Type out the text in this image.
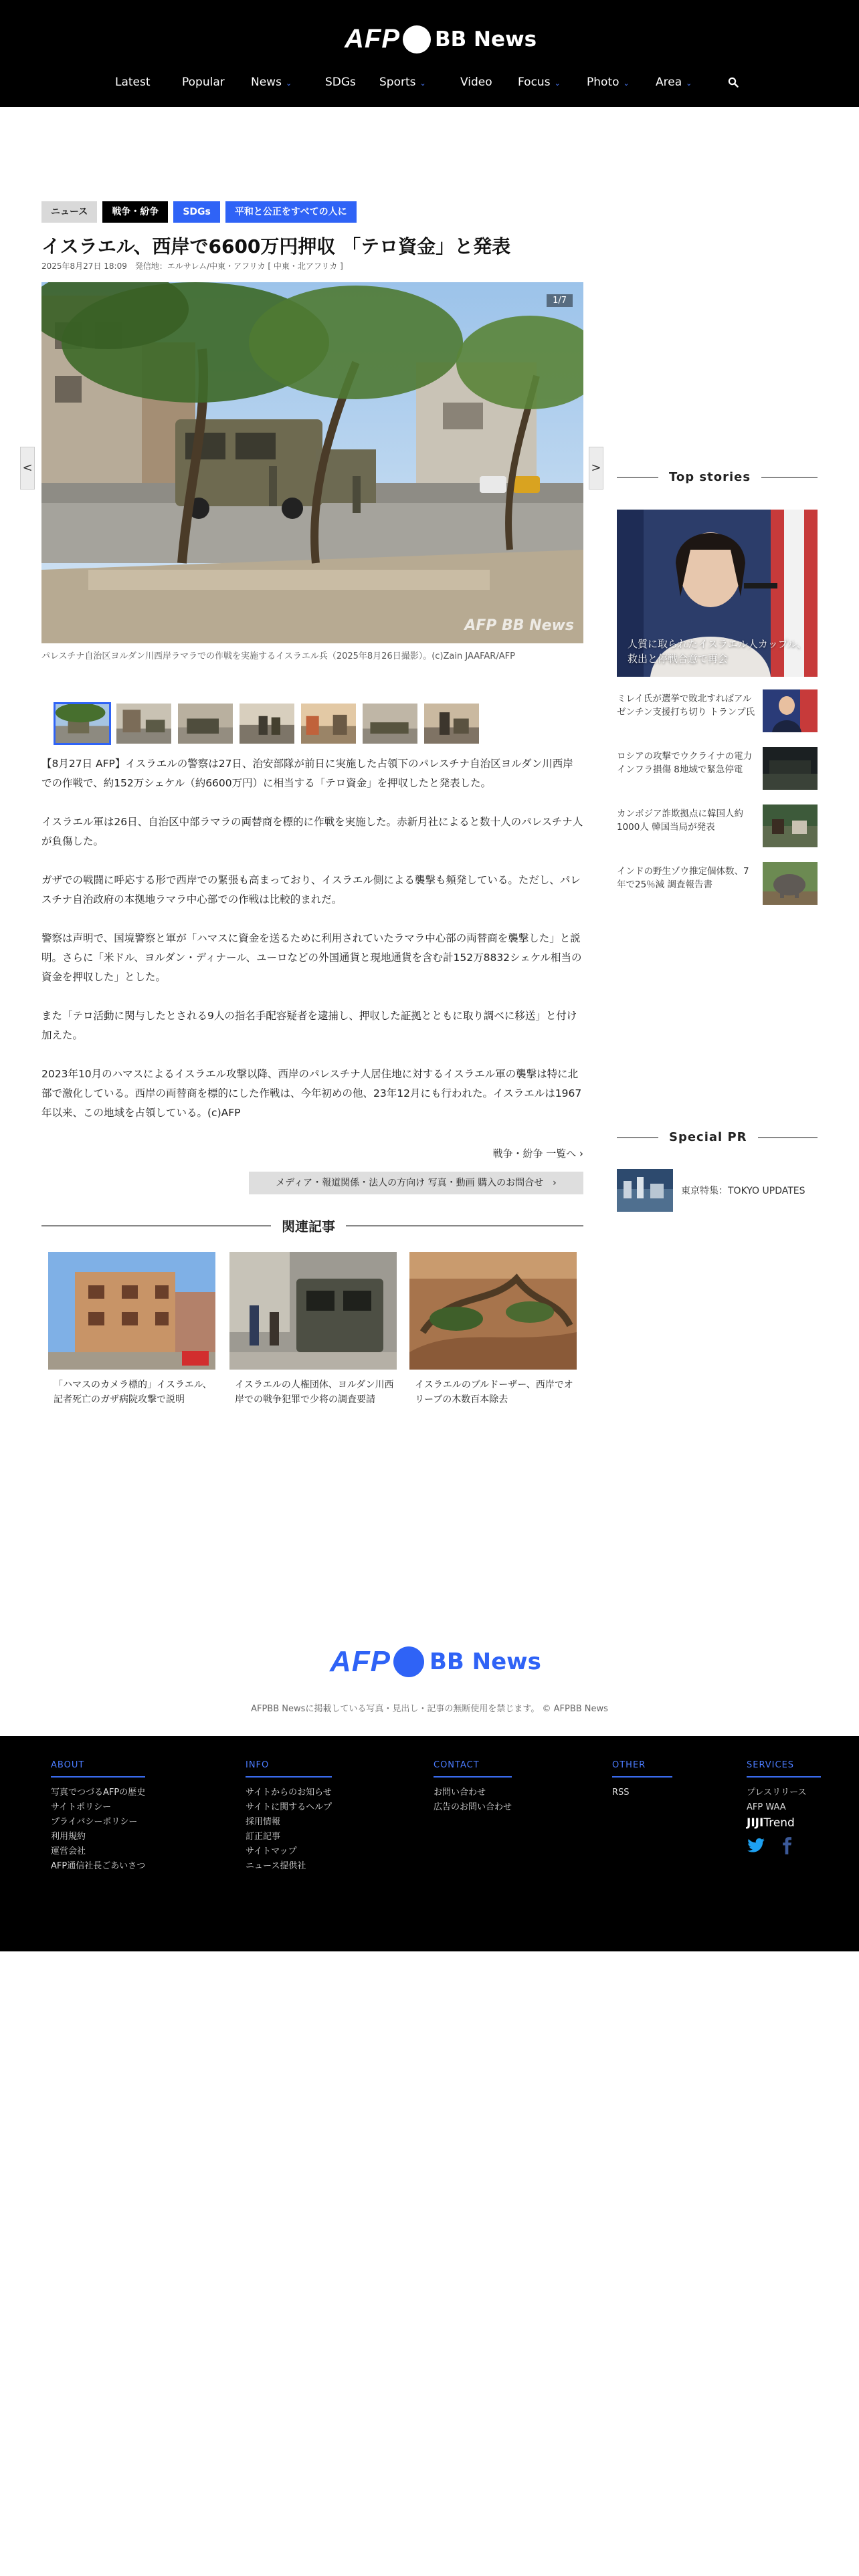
AFP BB News
Latest	Popular News ⌄	SDGs Sports ⌄	Video Focus ⌄ Photo ⌄ Area ⌄
ニュース	戦争・紛争	SDGs	平和と公正をすべての人に
イスラエル、西岸で6600万円押収 「テロ資金」と発表
2025年8月27日 18:09　発信地：エルサレム/中東・アフリカ [ 中東・北アフリカ ]
<	>
1/7
AFP BB News
パレスチナ自治区ヨルダン川西岸ラマラでの作戦を実施するイスラエル兵（2025年8月26日撮影）。(c)Zain JAAFAR/AFP

【8月27日 AFP】イスラエルの警察は27日、治安部隊が前日に実施した占領下のパレスチナ自治区ヨルダン川西岸での作戦で、約152万シェケル（約6600万円）に相当する「テロ資金」を押収したと発表した。

イスラエル軍は26日、自治区中部ラマラの両替商を標的に作戦を実施した。赤新月社によると数十人のパレスチナ人が負傷した。

ガザでの戦闘に呼応する形で西岸での緊張も高まっており、イスラエル側による襲撃も頻発している。ただし、パレスチナ自治政府の本拠地ラマラ中心部での作戦は比較的まれだ。

警察は声明で、国境警察と軍が「ハマスに資金を送るために利用されていたラマラ中心部の両替商を襲撃した」と説明。さらに「米ドル、ヨルダン・ディナール、ユーロなどの外国通貨と現地通貨を含む計152万8832シェケル相当の資金を押収した」とした。

また「テロ活動に関与したとされる9人の指名手配容疑者を逮捕し、押収した証拠とともに取り調べに移送」と付け加えた。

2023年10月のハマスによるイスラエル攻撃以降、西岸のパレスチナ人居住地に対するイスラエル軍の襲撃は特に北部で激化している。西岸の両替商を標的にした作戦は、今年初めの他、23年12月にも行われた。イスラエルは1967年以来、この地域を占領している。(c)AFP

戦争・紛争 一覧へ ›
メディア・報道関係・法人の方向け 写真・動画 購入のお問合せ　 ›
関連記事

「ハマスのカメラ標的」イスラエル、記者死亡のガザ病院攻撃で説明

イスラエルの人権団体、ヨルダン川西岸での戦争犯罪で少将の調査要請

イスラエルのブルドーザー、西岸でオリーブの木数百本除去

Top stories

人質に取られたイスラエル人カップル、救出と停戦合意で再会

ミレイ氏が選挙で敗北すればアルゼンチン支援打ち切り トランプ氏

ロシアの攻撃でウクライナの電力インフラ損傷 8地域で緊急停電

カンボジア詐欺拠点に韓国人約1000人 韓国当局が発表

インドの野生ゾウ推定個体数、7年で25％減 調査報告書

Special PR
東京特集：TOKYO UPDATES
AFP BB News
AFPBB Newsに掲載している写真・見出し・記事の無断使用を禁じます。 © AFPBB News
ABOUT
写真でつづるAFPの歴史
サイトポリシー
プライバシーポリシー
利用規約
運営会社
AFP通信社長ごあいさつ
INFO
サイトからのお知らせ
サイトに関するヘルプ
採用情報
訂正記事
サイトマップ
ニュース提供社
CONTACT
お問い合わせ
広告のお問い合わせ
OTHER
RSS
SERVICES
プレスリリース
AFP WAA
JIJITrend
